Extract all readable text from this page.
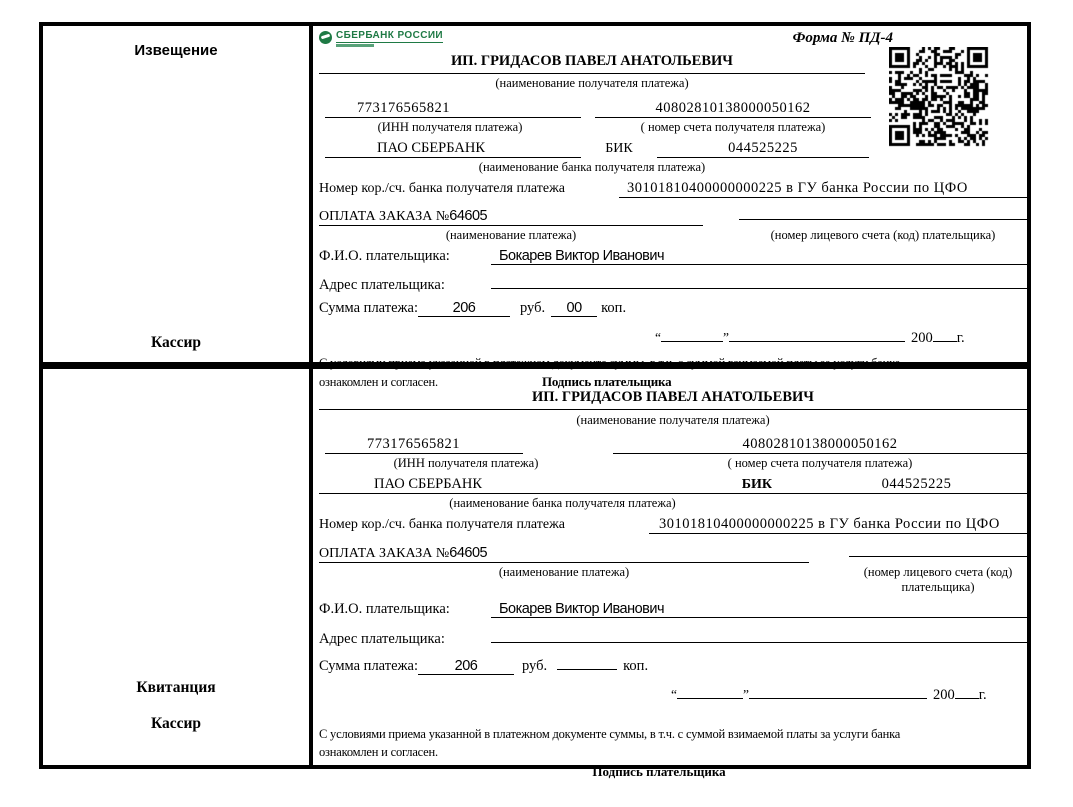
Извещение
Кассир
СБЕРБАНК РОССИИ	Форма № ПД-4
ИП. ГРИДАСОВ ПАВЕЛ АНАТОЛЬЕВИЧ
(наименование получателя платежа)
773176565821	40802810138000050162
(ИНН получателя платежа)	( номер счета получателя платежа)
ПАО СБЕРБАНК	БИК	044525225
(наименование банка получателя платежа)
Номер кор./сч. банка получателя платежа	30101810400000000225 в ГУ банка России по ЦФО
ОПЛАТА ЗАКАЗА №64605
(наименование платежа)	(номер лицевого счета (код) плательщика)
Ф.И.О. плательщика:	Бокарев Виктор Иванович
Адрес плательщика:
Сумма платежа:	206	руб.	00	коп.
“	”	200 г.
С условиями приема указанной в платежном документе суммы, в т.ч. с суммой взимаемой платы за услуги банка
ознакомлен и согласен.	Подпись плательщика
Квитанция
Кассир
ИП. ГРИДАСОВ ПАВЕЛ АНАТОЛЬЕВИЧ
(наименование получателя платежа)
773176565821	40802810138000050162
(ИНН получателя платежа)	( номер счета получателя платежа)
ПАО СБЕРБАНК	БИК	044525225
(наименование банка получателя платежа)
Номер кор./сч. банка получателя платежа	30101810400000000225 в ГУ банка России по ЦФО
ОПЛАТА ЗАКАЗА №64605
(наименование платежа)	(номер лицевого счета (код) плательщика)
Ф.И.О. плательщика:	Бокарев Виктор Иванович
Адрес плательщика:
Сумма платежа:	206	руб.	коп.
“	”	200 г.
С условиями приема указанной в платежном документе суммы, в т.ч. с суммой взимаемой платы за услуги банка
ознакомлен и согласен.
Подпись плательщика
